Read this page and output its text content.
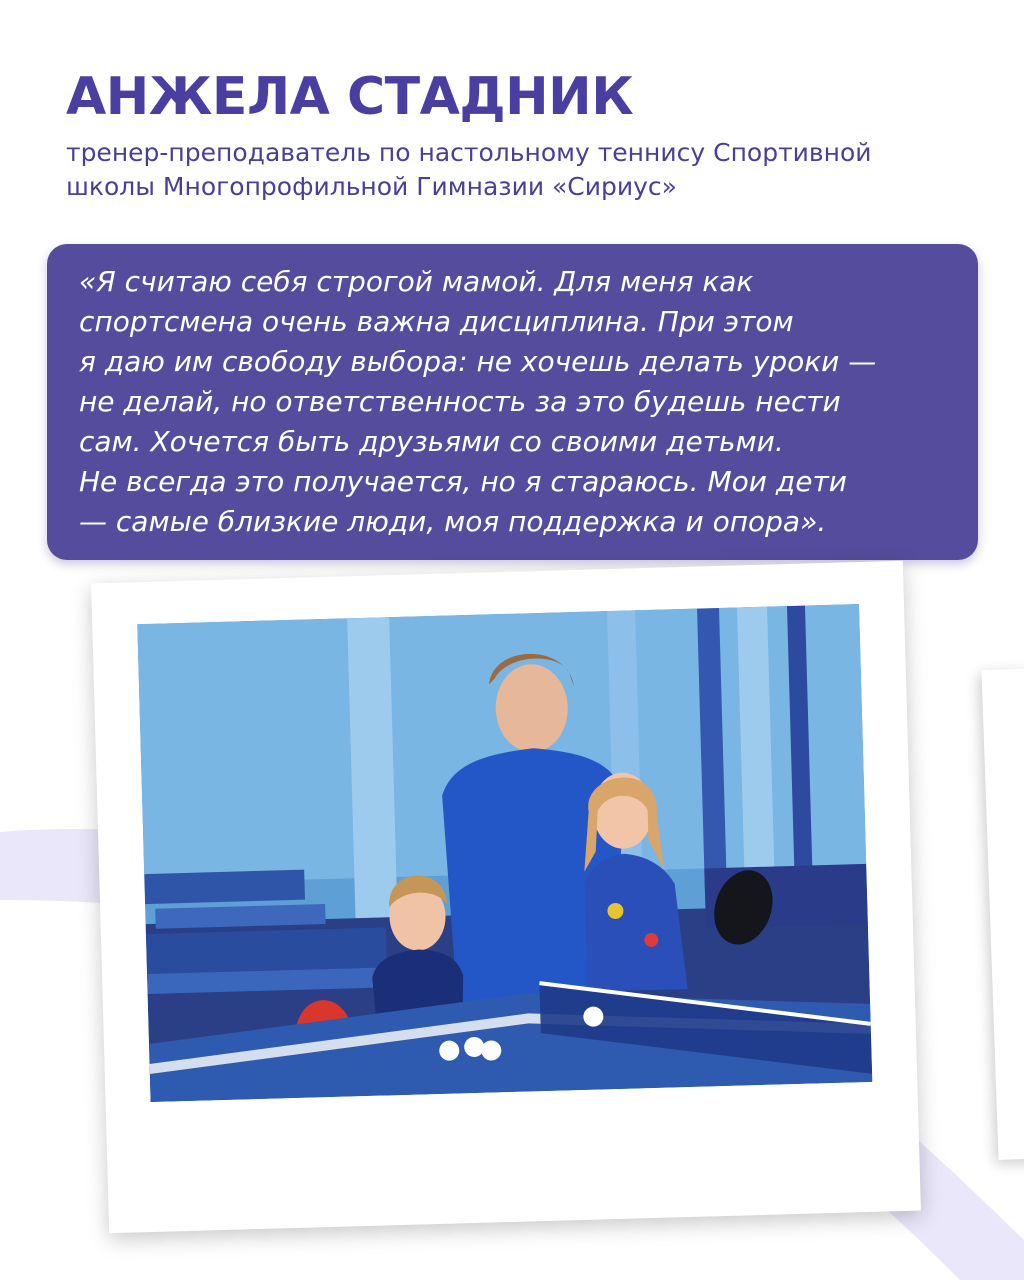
АНЖЕЛА СТАДНИК
тренер-преподаватель по настольному теннису Спортивной
школы Многопрофильной Гимназии «Сириус»
«Я считаю себя строгой мамой. Для меня как
спортсмена очень важна дисциплина. При этом
я даю им свободу выбора: не хочешь делать уроки —
не делай, но ответственность за это будешь нести
сам. Хочется быть друзьями со своими детьми.
Не всегда это получается, но я стараюсь. Мои дети
— самые близкие люди, моя поддержка и опора».
